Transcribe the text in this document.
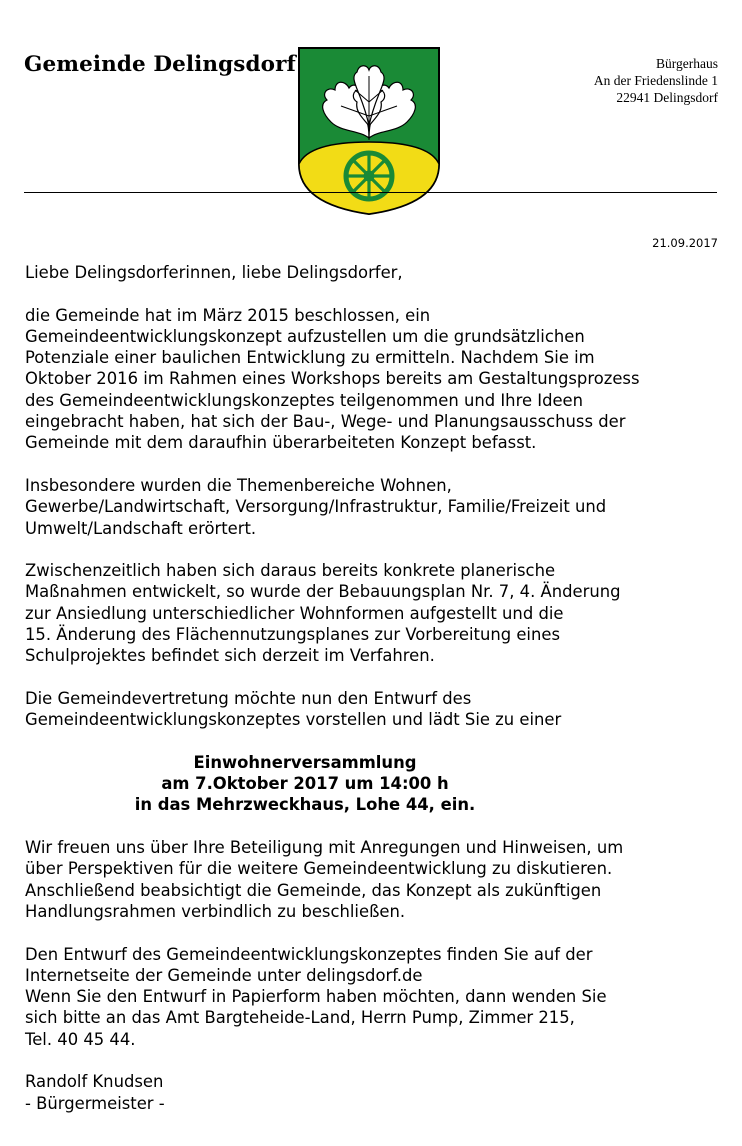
Gemeinde Delingsdorf	Bürgerhaus
An der Friedenslinde 1
22941 Delingsdorf
21.09.2017

Liebe Delingsdorferinnen, liebe Delingsdorfer,

die Gemeinde hat im März 2015 beschlossen, ein
Gemeindeentwicklungskonzept aufzustellen um die grundsätzlichen
Potenziale einer baulichen Entwicklung zu ermitteln. Nachdem Sie im
Oktober 2016 im Rahmen eines Workshops bereits am Gestaltungsprozess
des Gemeindeentwicklungskonzeptes teilgenommen und Ihre Ideen
eingebracht haben, hat sich der Bau-, Wege- und Planungsausschuss der
Gemeinde mit dem daraufhin überarbeiteten Konzept befasst.

Insbesondere wurden die Themenbereiche Wohnen,
Gewerbe/Landwirtschaft, Versorgung/Infrastruktur, Familie/Freizeit und
Umwelt/Landschaft erörtert.

Zwischenzeitlich haben sich daraus bereits konkrete planerische
Maßnahmen entwickelt, so wurde der Bebauungsplan Nr. 7, 4. Änderung
zur Ansiedlung unterschiedlicher Wohnformen aufgestellt und die
15. Änderung des Flächennutzungsplanes zur Vorbereitung eines
Schulprojektes befindet sich derzeit im Verfahren.

Die Gemeindevertretung möchte nun den Entwurf des
Gemeindeentwicklungskonzeptes vorstellen und lädt Sie zu einer

Einwohnerversammlung
am 7.Oktober 2017 um 14:00 h
in das Mehrzweckhaus, Lohe 44, ein.

Wir freuen uns über Ihre Beteiligung mit Anregungen und Hinweisen, um
über Perspektiven für die weitere Gemeindeentwicklung zu diskutieren.
Anschließend beabsichtigt die Gemeinde, das Konzept als zukünftigen
Handlungsrahmen verbindlich zu beschließen.

Den Entwurf des Gemeindeentwicklungskonzeptes finden Sie auf der
Internetseite der Gemeinde unter delingsdorf.de
Wenn Sie den Entwurf in Papierform haben möchten, dann wenden Sie
sich bitte an das Amt Bargteheide-Land, Herrn Pump, Zimmer 215,
Tel. 40 45 44.

Randolf Knudsen
- Bürgermeister -
